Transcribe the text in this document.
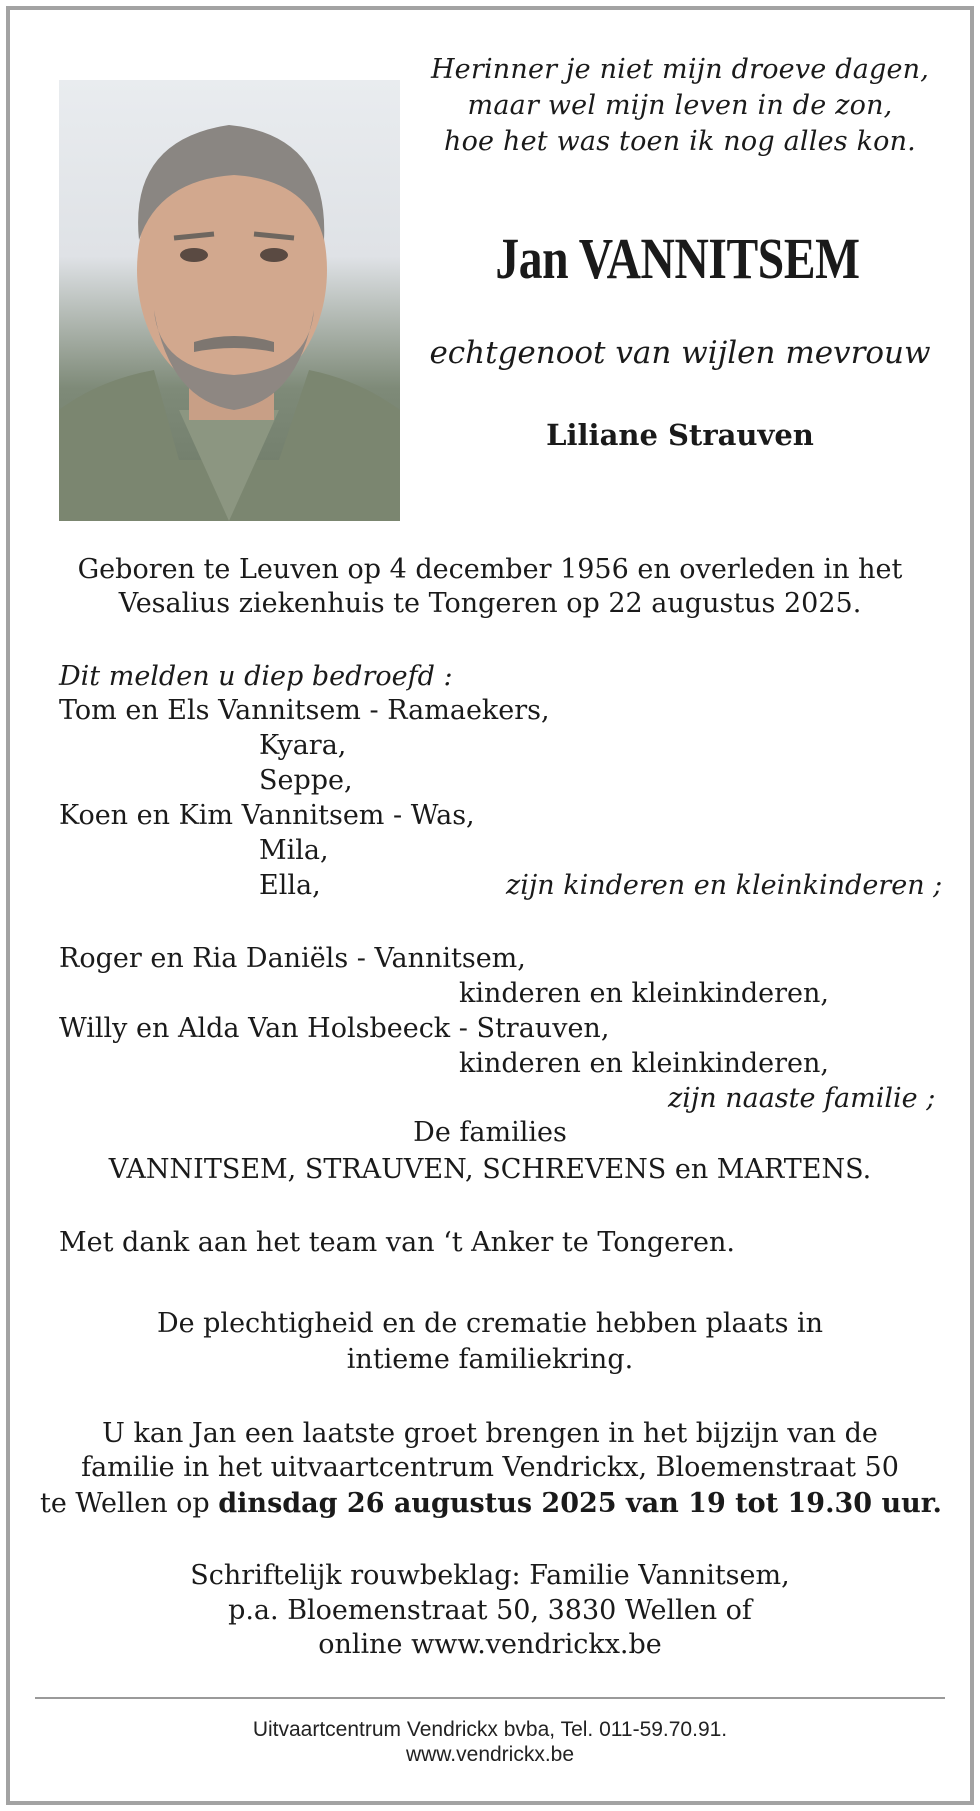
Herinner je niet mijn droeve dagen,
maar wel mijn leven in de zon,
hoe het was toen ik nog alles kon.
Jan VANNITSEM
echtgenoot van wijlen mevrouw
Liliane Strauven
Geboren te Leuven op 4 december 1956 en overleden in het
Vesalius ziekenhuis te Tongeren op 22 augustus 2025.
Dit melden u diep bedroefd :
Tom en Els Vannitsem - Ramaekers,
Kyara,
Seppe,
Koen en Kim Vannitsem - Was,
Mila,
Ella,	zijn kinderen en kleinkinderen ;
Roger en Ria Daniëls - Vannitsem,
kinderen en kleinkinderen,
Willy en Alda Van Holsbeeck - Strauven,
kinderen en kleinkinderen,
zijn naaste familie ;
De families
VANNITSEM, STRAUVEN, SCHREVENS en MARTENS.
Met dank aan het team van ‘t Anker te Tongeren.
De plechtigheid en de crematie hebben plaats in
intieme familiekring.
U kan Jan een laatste groet brengen in het bijzijn van de
familie in het uitvaartcentrum Vendrickx, Bloemenstraat 50
te Wellen op dinsdag 26 augustus 2025 van 19 tot 19.30 uur.
Schriftelijk rouwbeklag: Familie Vannitsem,
p.a. Bloemenstraat 50, 3830 Wellen of
online www.vendrickx.be
Uitvaartcentrum Vendrickx bvba, Tel. 011-59.70.91.
www.vendrickx.be
